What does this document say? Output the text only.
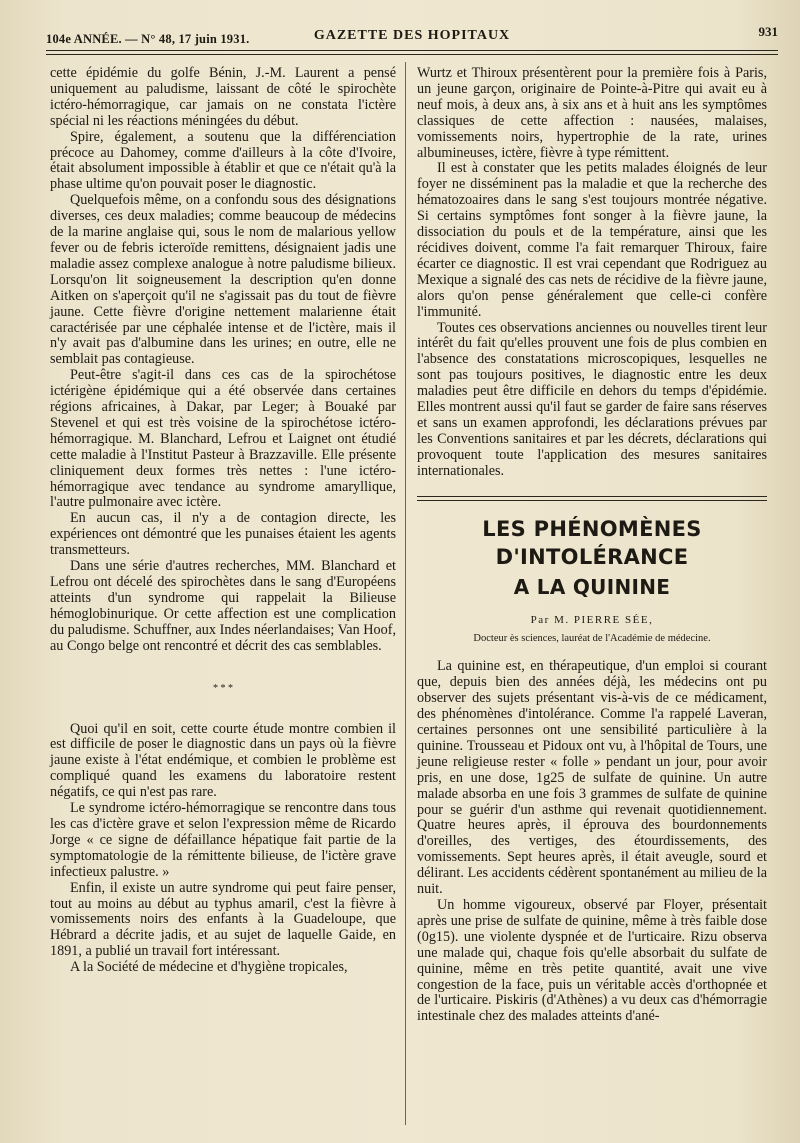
104e ANNÉE. — N° 48, 17 juin 1931.	GAZETTE DES HOPITAUX	931

cette épidémie du golfe Bénin, J.-M. Laurent a pensé uniquement au paludisme, laissant de côté le spirochète ictéro-hémorragique, car jamais on ne constata l'ictère spécial ni les réactions méningées du début.

Spire, également, a soutenu que la différenciation précoce au Dahomey, comme d'ailleurs à la côte d'Ivoire, était absolument impossible à établir et que ce n'était qu'à la phase ultime qu'on pouvait poser le diagnostic.

Quelquefois même, on a confondu sous des désignations diverses, ces deux maladies; comme beaucoup de médecins de la marine anglaise qui, sous le nom de malarious yellow fever ou de febris icteroïde remittens, désignaient jadis une maladie assez complexe analogue à notre paludisme bilieux. Lorsqu'on lit soigneusement la description qu'en donne Aitken on s'aperçoit qu'il ne s'agissait pas du tout de fièvre jaune. Cette fièvre d'origine nettement malarienne était caractérisée par une céphalée intense et de l'ictère, mais il n'y avait pas d'albumine dans les urines; en outre, elle ne semblait pas contagieuse.

Peut-être s'agit-il dans ces cas de la spirochétose ictérigène épidémique qui a été observée dans certaines régions africaines, à Dakar, par Leger; à Bouaké par Stevenel et qui est très voisine de la spirochétose ictéro-hémorragique. M. Blanchard, Lefrou et Laignet ont étudié cette maladie à l'Institut Pasteur à Brazzaville. Elle présente cliniquement deux formes très nettes : l'une ictéro-hémorragique avec tendance au syndrome amaryllique, l'autre pulmonaire avec ictère.

En aucun cas, il n'y a de contagion directe, les expériences ont démontré que les punaises étaient les agents transmetteurs.

Dans une série d'autres recherches, MM. Blanchard et Lefrou ont décelé des spirochètes dans le sang d'Européens atteints d'un syndrome qui rappelait la Bilieuse hémoglobinurique. Or cette affection est une complication du paludisme. Schuffner, aux Indes néerlandaises; Van Hoof, au Congo belge ont rencontré et décrit des cas semblables.

* * *

Quoi qu'il en soit, cette courte étude montre combien il est difficile de poser le diagnostic dans un pays où la fièvre jaune existe à l'état endémique, et combien le problème est compliqué quand les examens du laboratoire restent négatifs, ce qui n'est pas rare.

Le syndrome ictéro-hémorragique se rencontre dans tous les cas d'ictère grave et selon l'expression même de Ricardo Jorge « ce signe de défaillance hépatique fait partie de la symptomatologie de la rémittente bilieuse, de l'ictère grave infectieux palustre. »

Enfin, il existe un autre syndrome qui peut faire penser, tout au moins au début au typhus amaril, c'est la fièvre à vomissements noirs des enfants à la Guadeloupe, que Hébrard a décrite jadis, et au sujet de laquelle Gaide, en 1891, a publié un travail fort intéressant.

A la Société de médecine et d'hygiène tropicales,

Wurtz et Thiroux présentèrent pour la première fois à Paris, un jeune garçon, originaire de Pointe-à-Pitre qui avait eu à neuf mois, à deux ans, à six ans et à huit ans les symptômes classiques de cette affection : nausées, malaises, vomissements noirs, hypertrophie de la rate, urines albumineuses, ictère, fièvre à type rémittent.

Il est à constater que les petits malades éloignés de leur foyer ne disséminent pas la maladie et que la recherche des hématozoaires dans le sang s'est toujours montrée négative. Si certains symptômes font songer à la fièvre jaune, la dissociation du pouls et de la température, ainsi que les récidives doivent, comme l'a fait remarquer Thiroux, faire écarter ce diagnostic. Il est vrai cependant que Rodriguez au Mexique a signalé des cas nets de récidive de la fièvre jaune, alors qu'on pense généralement que celle-ci confère l'immunité.

Toutes ces observations anciennes ou nouvelles tirent leur intérêt du fait qu'elles prouvent une fois de plus combien en l'absence des constatations microscopiques, lesquelles ne sont pas toujours positives, le diagnostic entre les deux maladies peut être difficile en dehors du temps d'épidémie. Elles montrent aussi qu'il faut se garder de faire sans réserves et sans un examen approfondi, les déclarations prévues par les Conventions sanitaires et par les décrets, déclarations qui provoquent toute l'application des mesures sanitaires internationales.

LES PHÉNOMÈNES D'INTOLÉRANCE
A LA QUININE
Par M. PIERRE SÉE,
Docteur ès sciences, lauréat de l'Académie de médecine.

La quinine est, en thérapeutique, d'un emploi si courant que, depuis bien des années déjà, les médecins ont pu observer des sujets présentant vis-à-vis de ce médicament, des phénomènes d'intolérance. Comme l'a rappelé Laveran, certaines personnes ont une sensibilité particulière à la quinine. Trousseau et Pidoux ont vu, à l'hôpital de Tours, une jeune religieuse rester « folle » pendant un jour, pour avoir pris, en une dose, 1g25 de sulfate de quinine. Un autre malade absorba en une fois 3 grammes de sulfate de quinine pour se guérir d'un asthme qui revenait quotidiennement. Quatre heures après, il éprouva des bourdonnements d'oreilles, des vertiges, des étourdissements, des vomissements. Sept heures après, il était aveugle, sourd et délirant. Les accidents cédèrent spontanément au milieu de la nuit.

Un homme vigoureux, observé par Floyer, présentait après une prise de sulfate de quinine, même à très faible dose (0g15). une violente dyspnée et de l'urticaire. Rizu observa une malade qui, chaque fois qu'elle absorbait du sulfate de quinine, même en très petite quantité, avait une vive congestion de la face, puis un véritable accès d'orthopnée et de l'urticaire. Piskiris (d'Athènes) a vu deux cas d'hémorragie intestinale chez des malades atteints d'ané-
